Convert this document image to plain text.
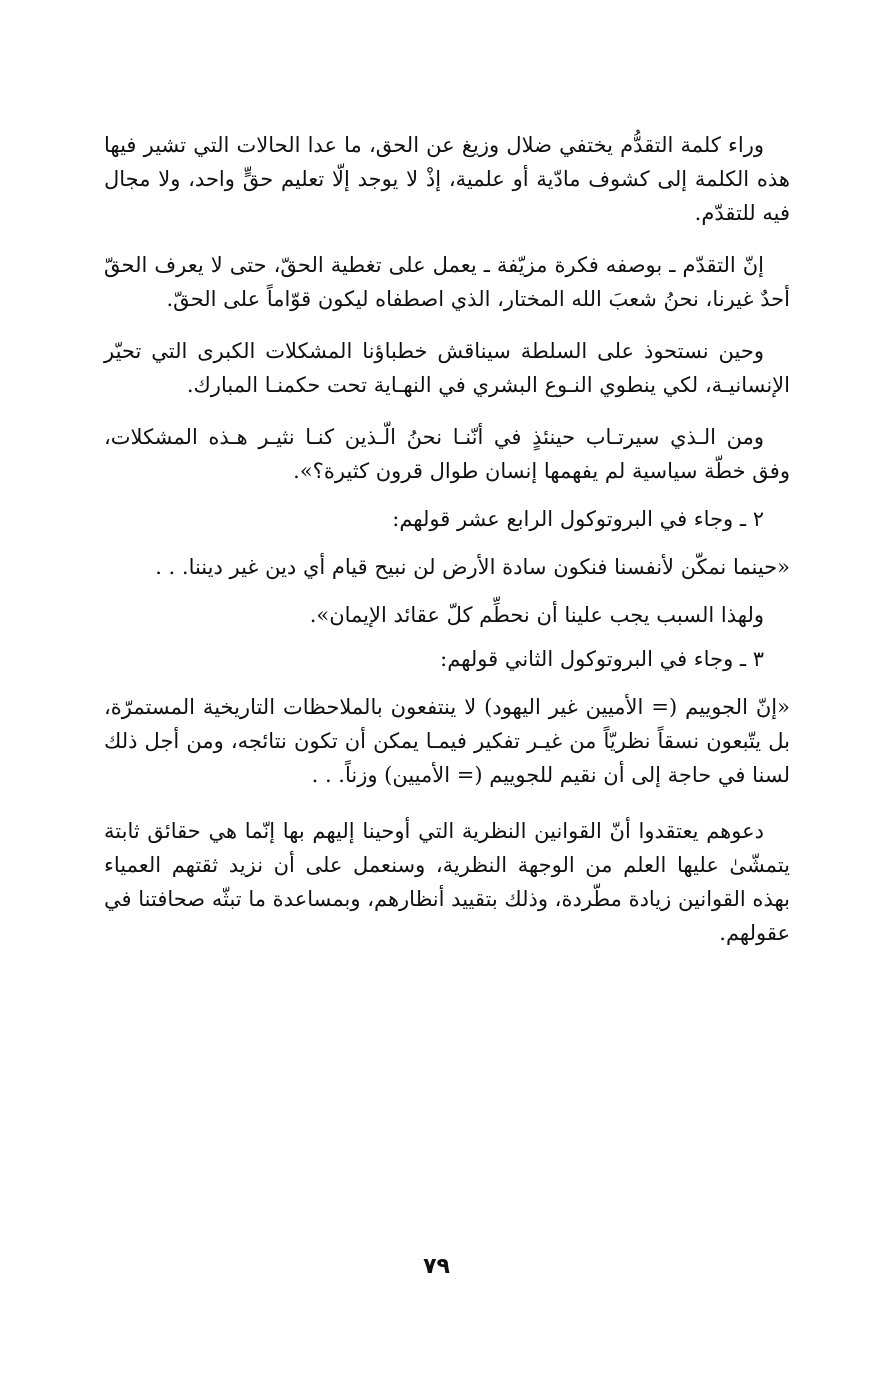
وراء كلمة التقدُّم يختفي ضلال وزيغ عن الحق، ما عدا الحالات التي تشير فيها هذه الكلمة إلى كشوف مادّية أو علمية، إذْ لا يوجد إلّا تعليم حقٍّ واحد، ولا مجال فيه للتقدّم.

إنّ التقدّم ـ بوصفه فكرة مزيّفة ـ يعمل على تغطية الحقّ، حتى لا يعرف الحقّ أحدٌ غيرنا، نحنُ شعبَ الله المختار، الذي اصطفاه ليكون قوّاماً على الحقّ.

وحين نستحوذ على السلطة سيناقش خطباؤنا المشكلات الكبرى التي تحيّر الإنسانيـة، لكي ينطوي النـوع البشري في النهـاية تحت حكمنـا المبارك.

ومن الـذي سيرتـاب حينئذٍ في أنّنـا نحنُ الّـذين كنـا نثيـر هـذه المشكلات، وفق خطّة سياسية لم يفهمها إنسان طوال قرون كثيرة؟».

٢ ـ وجاء في البروتوكول الرابع عشر قولهم:

«حينما نمكّن لأنفسنا فنكون سادة الأرض لن نبيح قيام أي دين غير ديننا. . .

ولهذا السبب يجب علينا أن نحطِّم كلّ عقائد الإيمان».

٣ ـ وجاء في البروتوكول الثاني قولهم:

«إنّ الجوييم (= الأميين غير اليهود) لا ينتفعون بالملاحظات التاريخية المستمرّة، بل يتّبعون نسقاً نظريّاً من غيـر تفكير فيمـا يمكن أن تكون نتائجه، ومن أجل ذلك لسنا في حاجة إلى أن نقيم للجوييم (= الأميين) وزناً. . .

دعوهم يعتقدوا أنّ القوانين النظرية التي أوحينا إليهم بها إنّما هي حقائق ثابتة يتمشّىٰ عليها العلم من الوجهة النظرية، وسنعمل على أن نزيد ثقتهم العمياء بهذه القوانين زيادة مطّردة، وذلك بتقييد أنظارهم، وبمساعدة ما تبثّه صحافتنا في عقولهم.

٧٩
